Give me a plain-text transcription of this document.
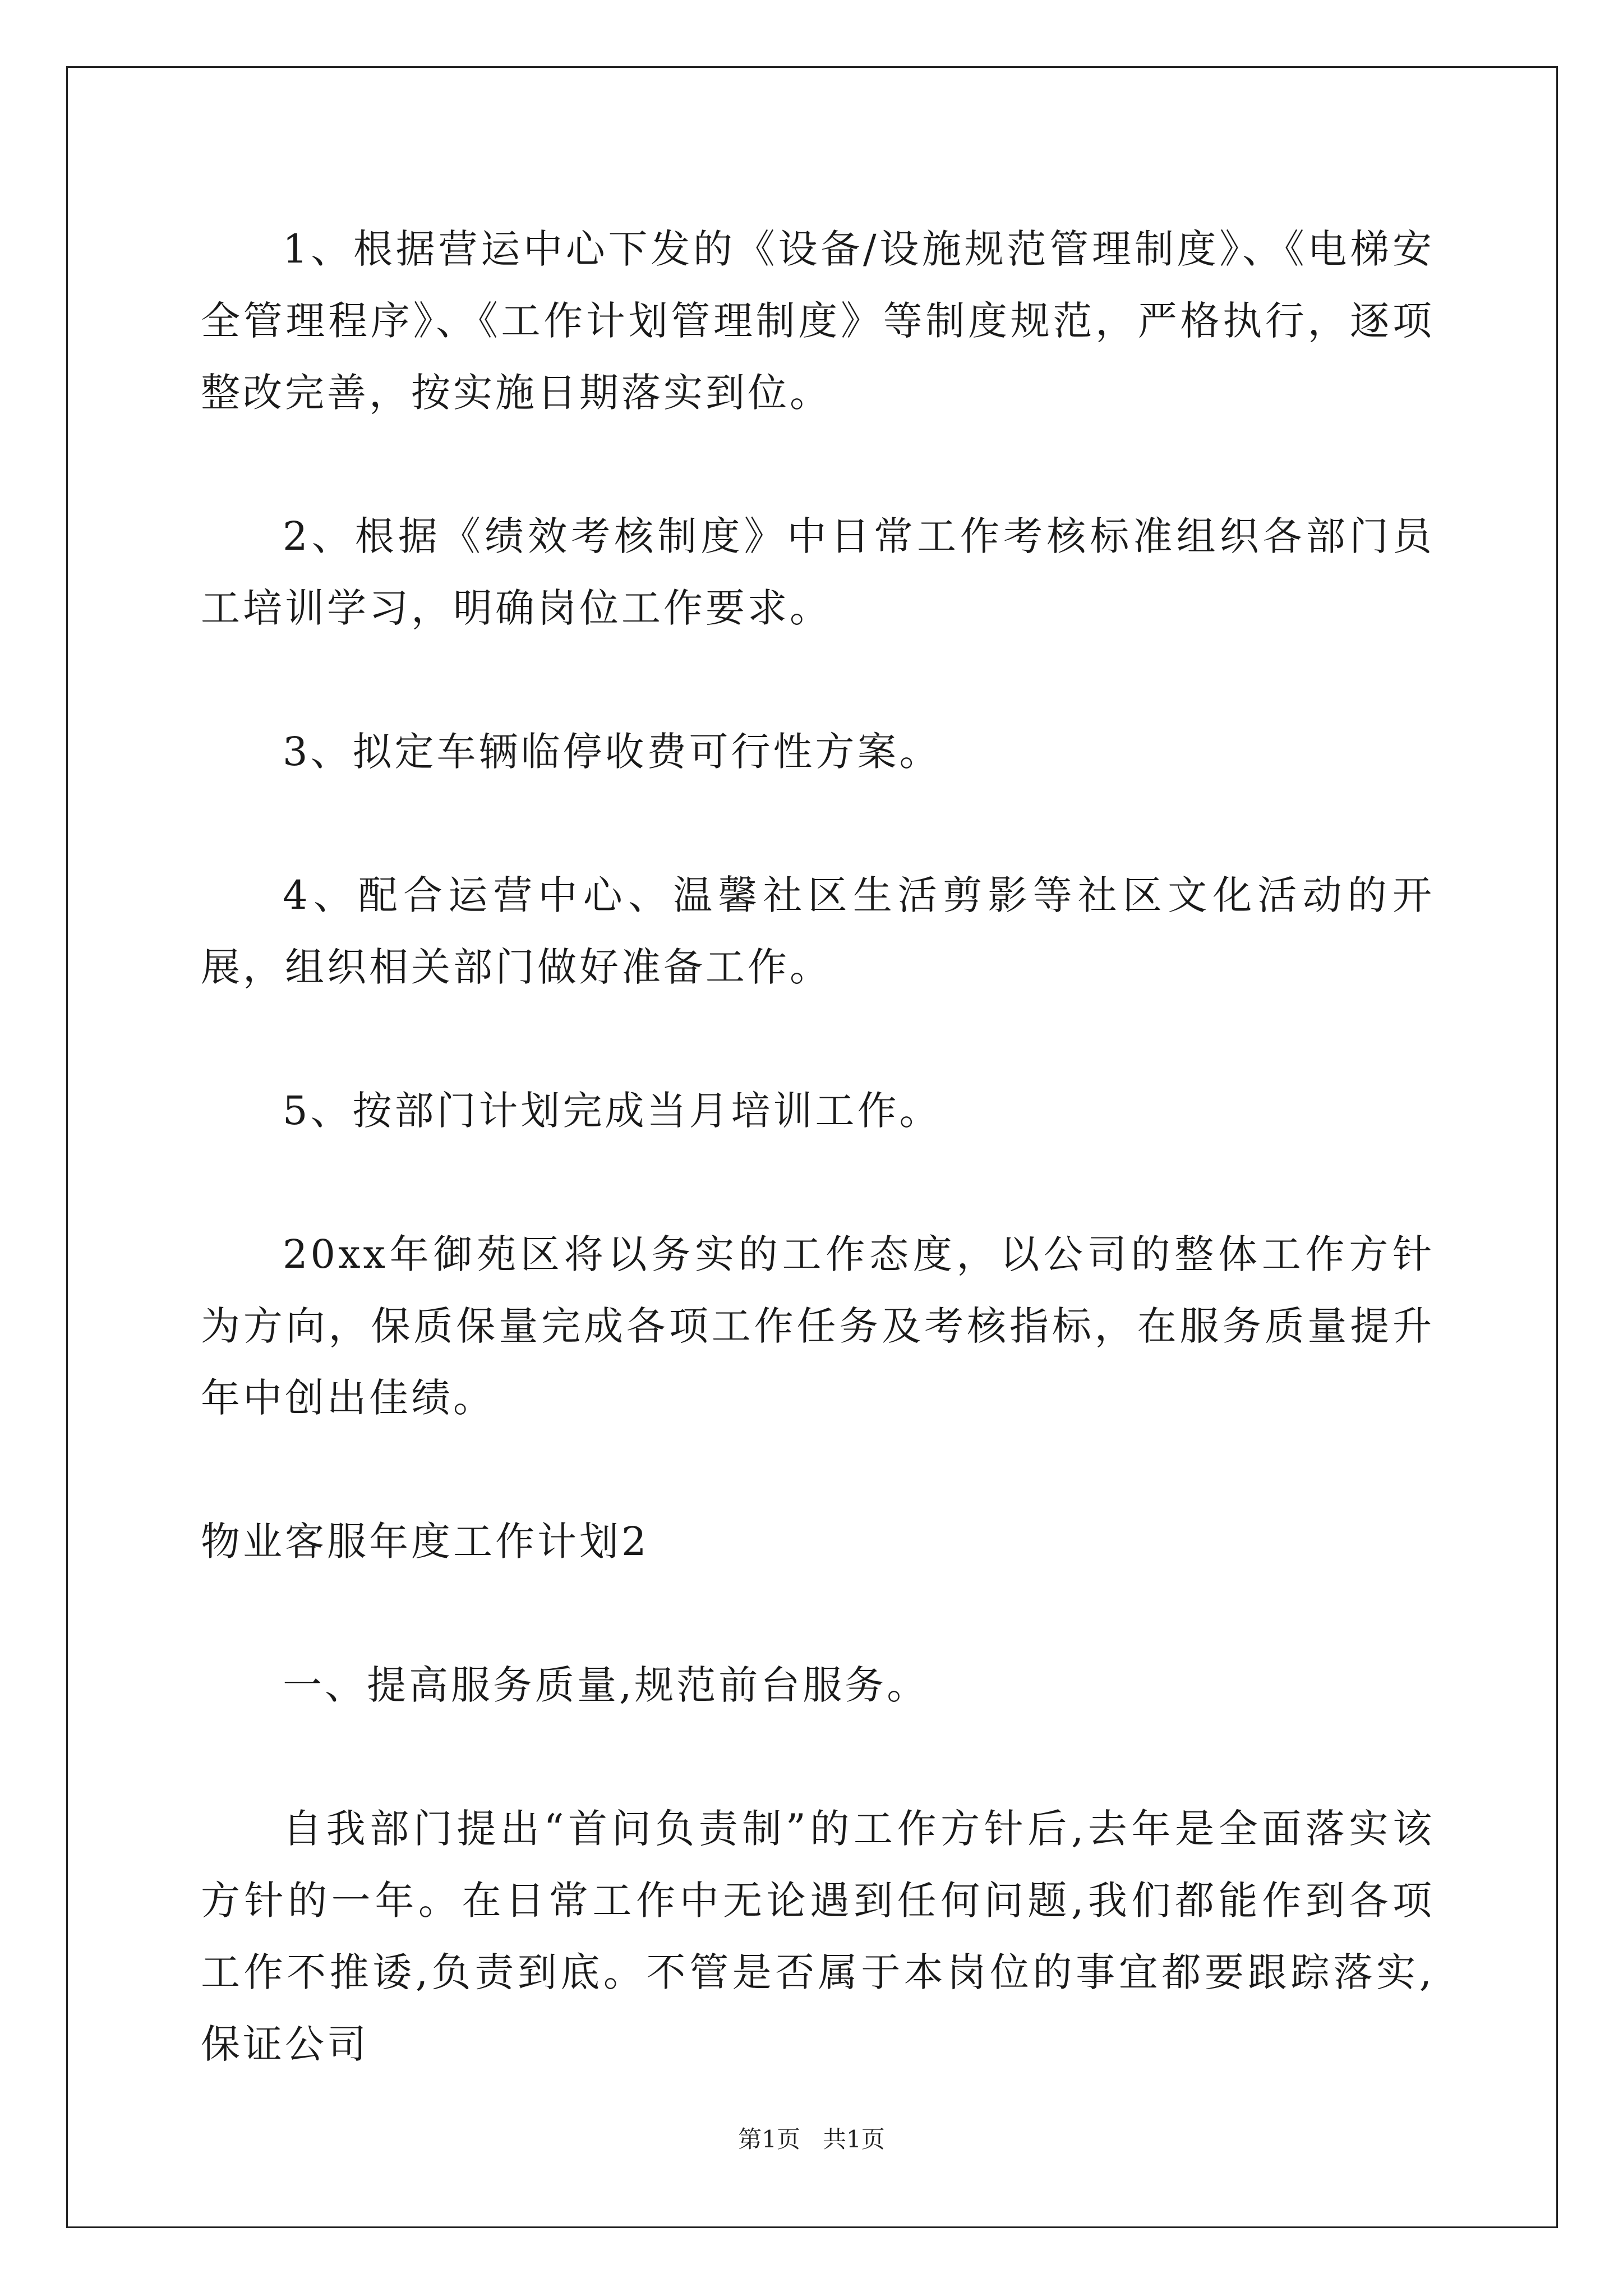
1、根据营运中心下发的《设备/设施规范管理制度》、《电梯安全管理程序》、《工作计划管理制度》等制度规范，严格执行，逐项整改完善，按实施日期落实到位。

2、根据《绩效考核制度》中日常工作考核标准组织各部门员工培训学习，明确岗位工作要求。

3、拟定车辆临停收费可行性方案。

4、配合运营中心、温馨社区生活剪影等社区文化活动的开展，组织相关部门做好准备工作。

5、按部门计划完成当月培训工作。

20xx年御苑区将以务实的工作态度，以公司的整体工作方针为方向，保质保量完成各项工作任务及考核指标，在服务质量提升年中创出佳绩。

物业客服年度工作计划2

一、提高服务质量,规范前台服务。

自我部门提出“首问负责制”的工作方针后,去年是全面落实该方针的一年。在日常工作中无论遇到任何问题,我们都能作到各项工作不推诿,负责到底。不管是否属于本岗位的事宜都要跟踪落实,保证公司

第1页 共1页
